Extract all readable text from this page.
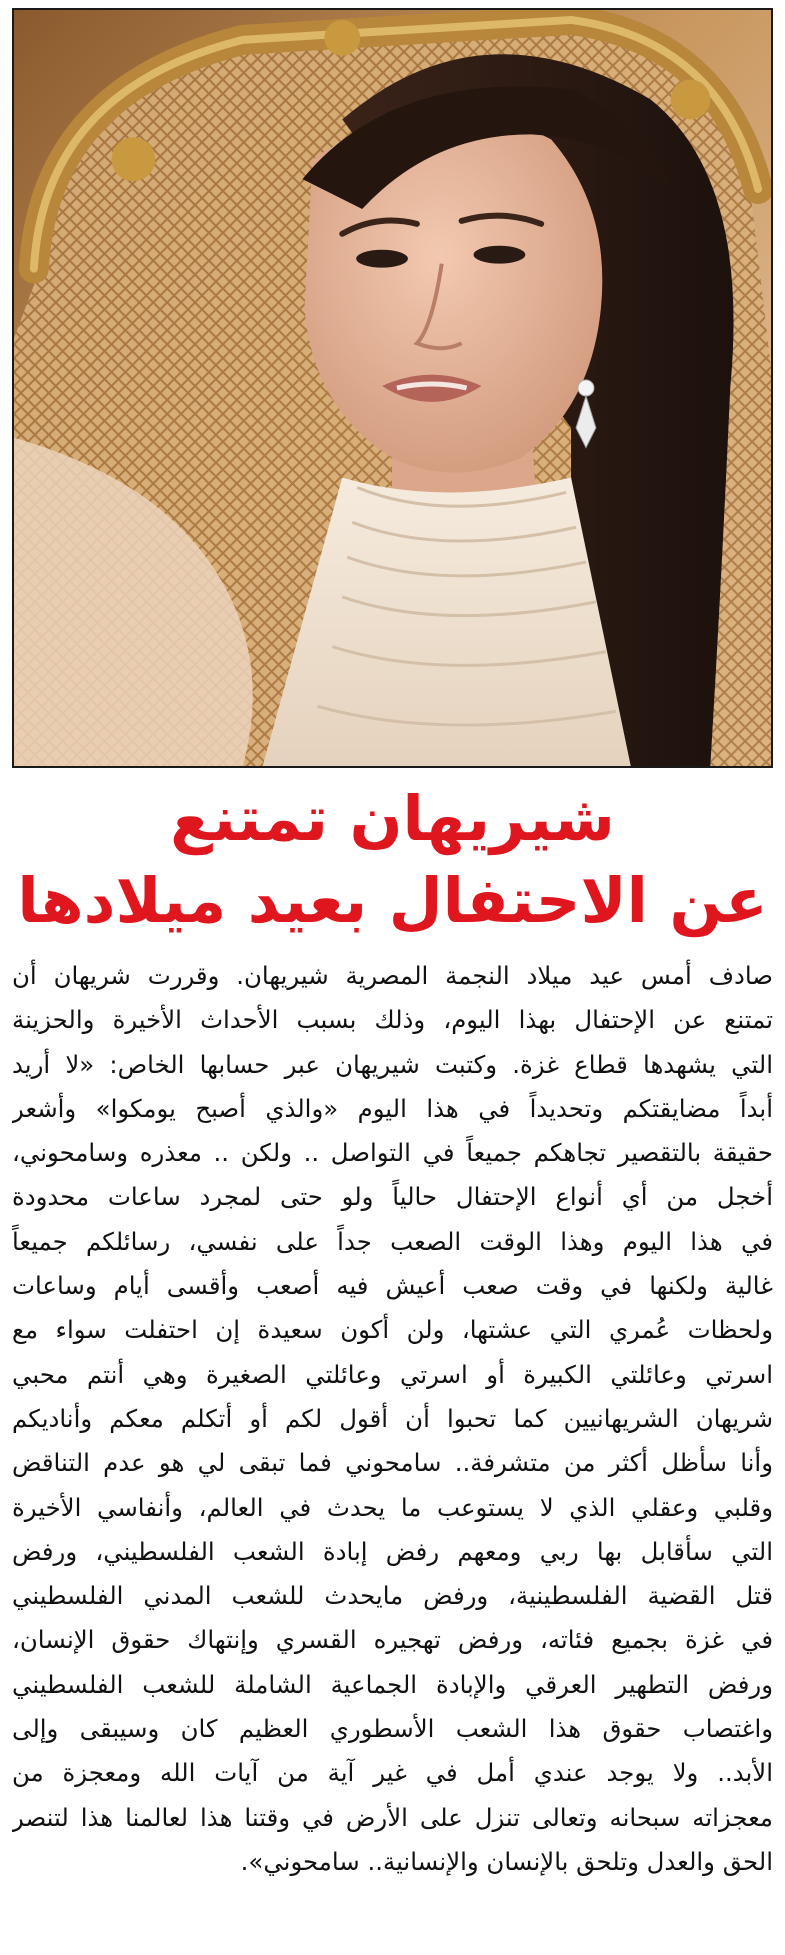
شيريهان تمتنع
عن الاحتفال بعيد ميلادها
صادف أمس عيد ميلاد النجمة المصرية شيريهان. وقررت شريهان أن
تمتنع عن الإحتفال بهذا اليوم، وذلك بسبب الأحداث الأخيرة والحزينة
التي يشهدها قطاع غزة. وكتبت شيريهان عبر حسابها الخاص: «لا أريد
أبداً مضايقتكم وتحديداً في هذا اليوم «والذي أصبح يومكوا» وأشعر
حقيقة بالتقصير تجاهكم جميعاً في التواصل .. ولكن .. معذره وسامحوني،
أخجل من أي أنواع الإحتفال حالياً ولو حتى لمجرد ساعات محدودة
في هذا اليوم وهذا الوقت الصعب جداً على نفسي، رسائلكم جميعاً
غالية ولكنها في وقت صعب أعيش فيه أصعب وأقسى أيام وساعات
ولحظات عُمري التي عشتها، ولن أكون سعيدة إن احتفلت سواء مع
اسرتي وعائلتي الكبيرة أو اسرتي وعائلتي الصغيرة وهي أنتم محبي
شريهان الشريهانيين كما تحبوا أن أقول لكم أو أتكلم معكم وأناديكم
وأنا سأظل أكثر من متشرفة.. سامحوني فما تبقى لي هو عدم التناقض
وقلبي وعقلي الذي لا يستوعب ما يحدث في العالم، وأنفاسي الأخيرة
التي سأقابل بها ربي ومعهم رفض إبادة الشعب الفلسطيني، ورفض
قتل القضية الفلسطينية، ورفض مايحدث للشعب المدني الفلسطيني
في غزة بجميع فئاته، ورفض تهجيره القسري وإنتهاك حقوق الإنسان،
ورفض التطهير العرقي والإبادة الجماعية الشاملة للشعب الفلسطيني
واغتصاب حقوق هذا الشعب الأسطوري العظيم كان وسيبقى وإلى
الأبد.. ولا يوجد عندي أمل في غير آية من آيات الله ومعجزة من
معجزاته سبحانه وتعالى تنزل على الأرض في وقتنا هذا لعالمنا هذا لتنصر
الحق والعدل وتلحق بالإنسان والإنسانية.. سامحوني».
